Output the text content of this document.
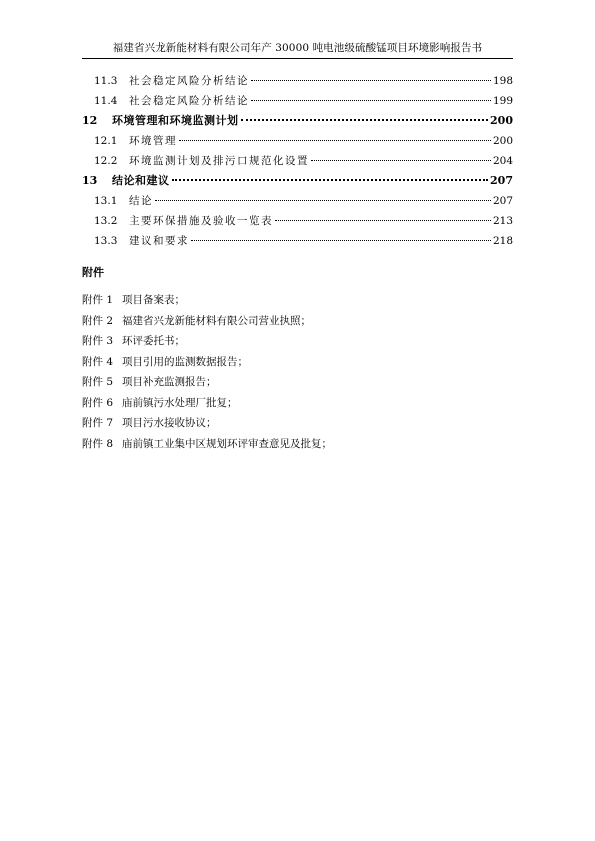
福建省兴龙新能材料有限公司年产 30000 吨电池级硫酸锰项目环境影响报告书
11.3	社会稳定风险分析结论	198
11.4	社会稳定风险分析结论	199
12	环境管理和环境监测计划	200
12.1	环境管理	200
12.2	环境监测计划及排污口规范化设置	204
13	结论和建议	207
13.1	结论	207
13.2	主要环保措施及验收一览表	213
13.3	建议和要求	218
附件
附件 1 项目备案表；
附件 2 福建省兴龙新能材料有限公司营业执照；
附件 3 环评委托书；
附件 4 项目引用的监测数据报告；
附件 5 项目补充监测报告；
附件 6 庙前镇污水处理厂批复；
附件 7 项目污水接收协议；
附件 8 庙前镇工业集中区规划环评审查意见及批复；
